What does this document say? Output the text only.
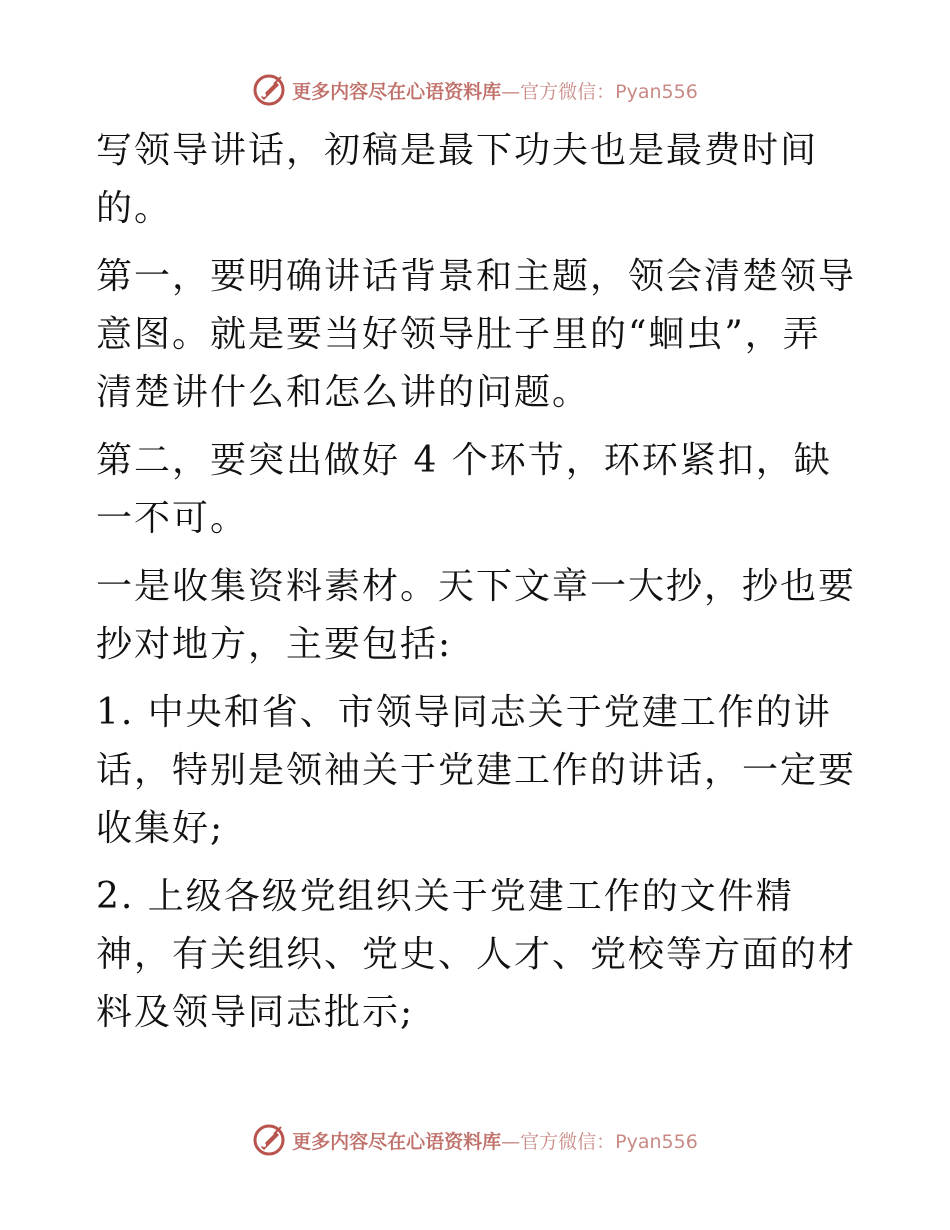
更多内容尽在心语资料库—官方微信：Pyan556

写领导讲话，初稿是最下功夫也是最费时间的。

第一，要明确讲话背景和主题，领会清楚领导意图。就是要当好领导肚子里的“蛔虫”，弄清楚讲什么和怎么讲的问题。

第二，要突出做好 4 个环节，环环紧扣，缺一不可。

一是收集资料素材。天下文章一大抄，抄也要抄对地方，主要包括:

1. 中央和省、市领导同志关于党建工作的讲话，特别是领袖关于党建工作的讲话，一定要收集好;

2. 上级各级党组织关于党建工作的文件精神，有关组织、党史、人才、党校等方面的材料及领导同志批示;

更多内容尽在心语资料库—官方微信：Pyan556
